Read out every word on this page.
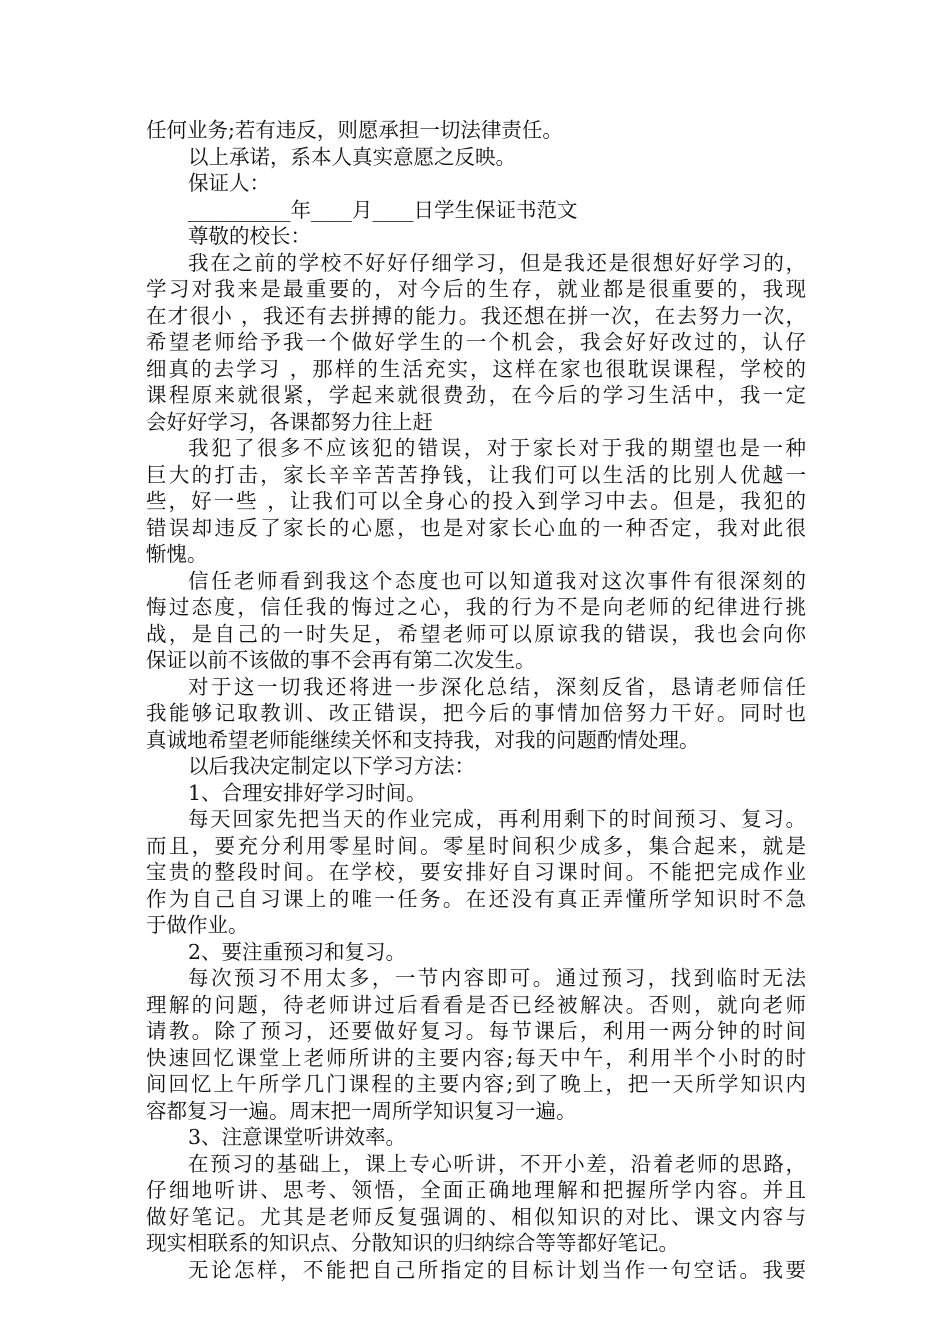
任何业务;若有违反，则愿承担一切法律责任。
以上承诺，系本人真实意愿之反映。
保证人：
__________年____月____日学生保证书范文
尊敬的校长：
我在之前的学校不好好仔细学习，但是我还是很想好好学习的，
学习对我来是最重要的，对今后的生存，就业都是很重要的，我现
在才很小 ，我还有去拼搏的能力。我还想在拼一次，在去努力一次，
希望老师给予我一个做好学生的一个机会，我会好好改过的，认仔
细真的去学习 ，那样的生活充实，这样在家也很耽误课程，学校的
课程原来就很紧，学起来就很费劲，在今后的学习生活中，我一定
会好好学习，各课都努力往上赶
我犯了很多不应该犯的错误，对于家长对于我的期望也是一种
巨大的打击，家长辛辛苦苦挣钱，让我们可以生活的比别人优越一
些，好一些 ，让我们可以全身心的投入到学习中去。但是，我犯的
错误却违反了家长的心愿，也是对家长心血的一种否定，我对此很
惭愧。
信任老师看到我这个态度也可以知道我对这次事件有很深刻的
悔过态度，信任我的悔过之心，我的行为不是向老师的纪律进行挑
战，是自己的一时失足，希望老师可以原谅我的错误，我也会向你
保证以前不该做的事不会再有第二次发生。
对于这一切我还将进一步深化总结，深刻反省，恳请老师信任
我能够记取教训、改正错误，把今后的事情加倍努力干好。同时也
真诚地希望老师能继续关怀和支持我，对我的问题酌情处理。
以后我决定制定以下学习方法：
1、合理安排好学习时间。
每天回家先把当天的作业完成，再利用剩下的时间预习、复习。
而且，要充分利用零星时间。零星时间积少成多，集合起来，就是
宝贵的整段时间。在学校，要安排好自习课时间。不能把完成作业
作为自己自习课上的唯一任务。在还没有真正弄懂所学知识时不急
于做作业。
2、要注重预习和复习。
每次预习不用太多，一节内容即可。通过预习，找到临时无法
理解的问题，待老师讲过后看看是否已经被解决。否则，就向老师
请教。除了预习，还要做好复习。每节课后，利用一两分钟的时间
快速回忆课堂上老师所讲的主要内容;每天中午，利用半个小时的时
间回忆上午所学几门课程的主要内容;到了晚上，把一天所学知识内
容都复习一遍。周末把一周所学知识复习一遍。
3、注意课堂听讲效率。
在预习的基础上，课上专心听讲，不开小差，沿着老师的思路，
仔细地听讲、思考、领悟，全面正确地理解和把握所学内容。并且
做好笔记。尤其是老师反复强调的、相似知识的对比、课文内容与
现实相联系的知识点、分散知识的归纳综合等等都好笔记。
无论怎样，不能把自己所指定的目标计划当作一句空话。我要
